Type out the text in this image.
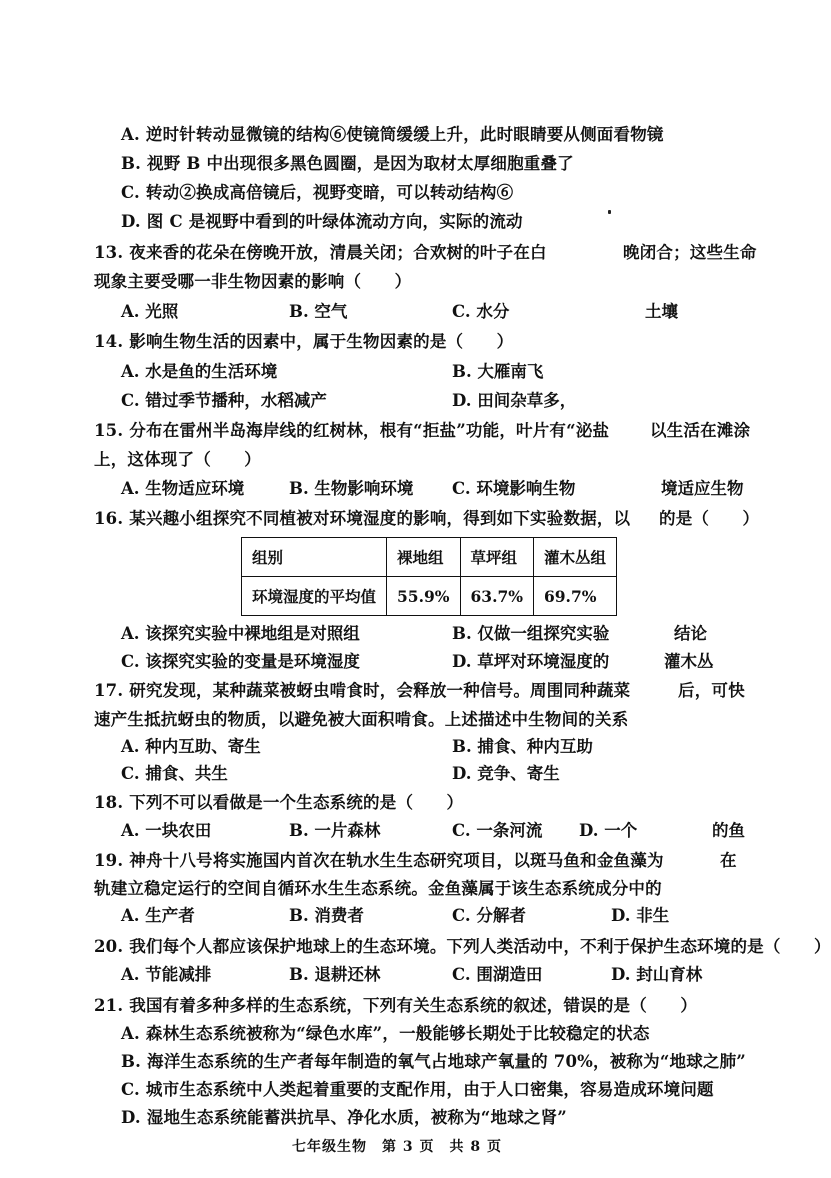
A. 逆时针转动显微镜的结构⑥使镜筒缓缓上升，此时眼睛要从侧面看物镜
B. 视野 B 中出现很多黑色圆圈，是因为取材太厚细胞重叠了
C. 转动②换成高倍镜后，视野变暗，可以转动结构⑥
D. 图 C 是视野中看到的叶绿体流动方向，实际的流动
13. 夜来香的花朵在傍晚开放，清晨关闭；合欢树的叶子在白	晚闭合；这些生命
现象主要受哪一非生物因素的影响（　　）
A. 光照	B. 空气	C. 水分	土壤
14. 影响生物生活的因素中，属于生物因素的是（　　）
A. 水是鱼的生活环境	B. 大雁南飞
C. 错过季节播种，水稻减产	D. 田间杂草多，
15. 分布在雷州半岛海岸线的红树林，根有“拒盐”功能，叶片有“泌盐 以生活在滩涂
上，这体现了（　　）
A. 生物适应环境	B. 生物影响环境 C. 环境影响生物	境适应生物
16. 某兴趣小组探究不同植被对环境湿度的影响，得到如下实验数据，以 的是（　　）
组别	裸地组	草坪组	灌木丛组
环境湿度的平均值	55.9%	63.7%	69.7%
A. 该探究实验中裸地组是对照组	B. 仅做一组探究实验	结论
C. 该探究实验的变量是环境湿度	D. 草坪对环境湿度的	灌木丛
17. 研究发现，某种蔬菜被蚜虫啃食时，会释放一种信号。周围同种蔬菜	后，可快
速产生抵抗蚜虫的物质，以避免被大面积啃食。上述描述中生物间的关系
A. 种内互助、寄生	B. 捕食、种内互助
C. 捕食、共生	D. 竞争、寄生
18. 下列不可以看做是一个生态系统的是（　　）
A. 一块农田	B. 一片森林	C. 一条河流 D. 一个	的鱼
19. 神舟十八号将实施国内首次在轨水生生态研究项目，以斑马鱼和金鱼藻为	在
轨建立稳定运行的空间自循环水生生态系统。金鱼藻属于该生态系统成分中的
A. 生产者	B. 消费者	C. 分解者	D. 非生
20. 我们每个人都应该保护地球上的生态环境。下列人类活动中，不利于保护生态环境的是（　　）
A. 节能减排	B. 退耕还林	C. 围湖造田	D. 封山育林
21. 我国有着多种多样的生态系统，下列有关生态系统的叙述，错误的是（　　）
A. 森林生态系统被称为“绿色水库”，一般能够长期处于比较稳定的状态
B. 海洋生态系统的生产者每年制造的氧气占地球产氧量的 70%，被称为“地球之肺”
C. 城市生态系统中人类起着重要的支配作用，由于人口密集，容易造成环境问题
D. 湿地生态系统能蓄洪抗旱、净化水质，被称为“地球之肾”
七年级生物　第 3 页　共 8 页
